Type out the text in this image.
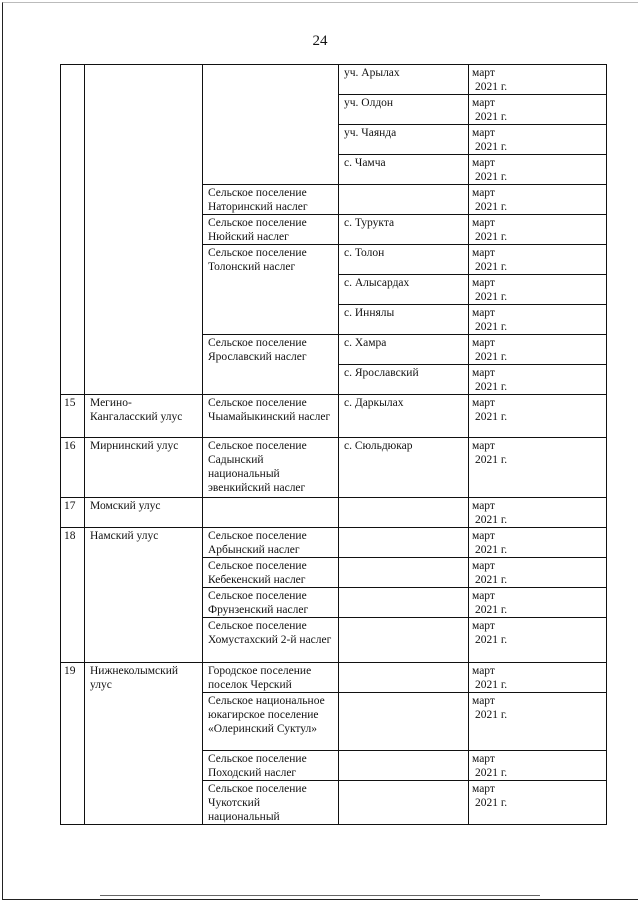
24
			уч. Арылах	март
2021 г.

			уч. Олдон	март
2021 г.

			уч. Чаянда	март
2021 г.

			с. Чамча	март
2021 г.

		Сельское поселение Наторинский наслег		март
2021 г.

		Сельское поселение Нюйский наслег	с. Турукта	март
2021 г.

		Сельское поселение Толонский наслег	с. Толон	март
2021 г.

			с. Алысардах	март
2021 г.

			с. Иннялы	март
2021 г.

		Сельское поселение Ярославский наслег	с. Хамра	март
2021 г.

			с. Ярославский	март
2021 г.

15	Мегино-Кангаласский улус	Сельское поселение Чыамайыкинский наслег	с. Даркылах	март
2021 г.

16	Мирнинский улус	Сельское поселение Садынский национальный эвенкийский наслег	с. Сюльдюкар	март
2021 г.

17	Момский улус			март
2021 г.

18	Намский улус	Сельское поселение Арбынский наслег		март
2021 г.

		Сельское поселение Кебекенский наслег		март
2021 г.

		Сельское поселение Фрунзенский наслег		март
2021 г.

		Сельское поселение Хомустахский 2-й наслег		март
2021 г.

19	Нижнеколымский улус	Городское поселение поселок Черский		март
2021 г.

		Сельское национальное юкагирское поселение «Олеринский Суктул»		март
2021 г.

		Сельское поселение Походский наслег		март
2021 г.

		Сельское поселение Чукотский национальный		март
2021 г.
